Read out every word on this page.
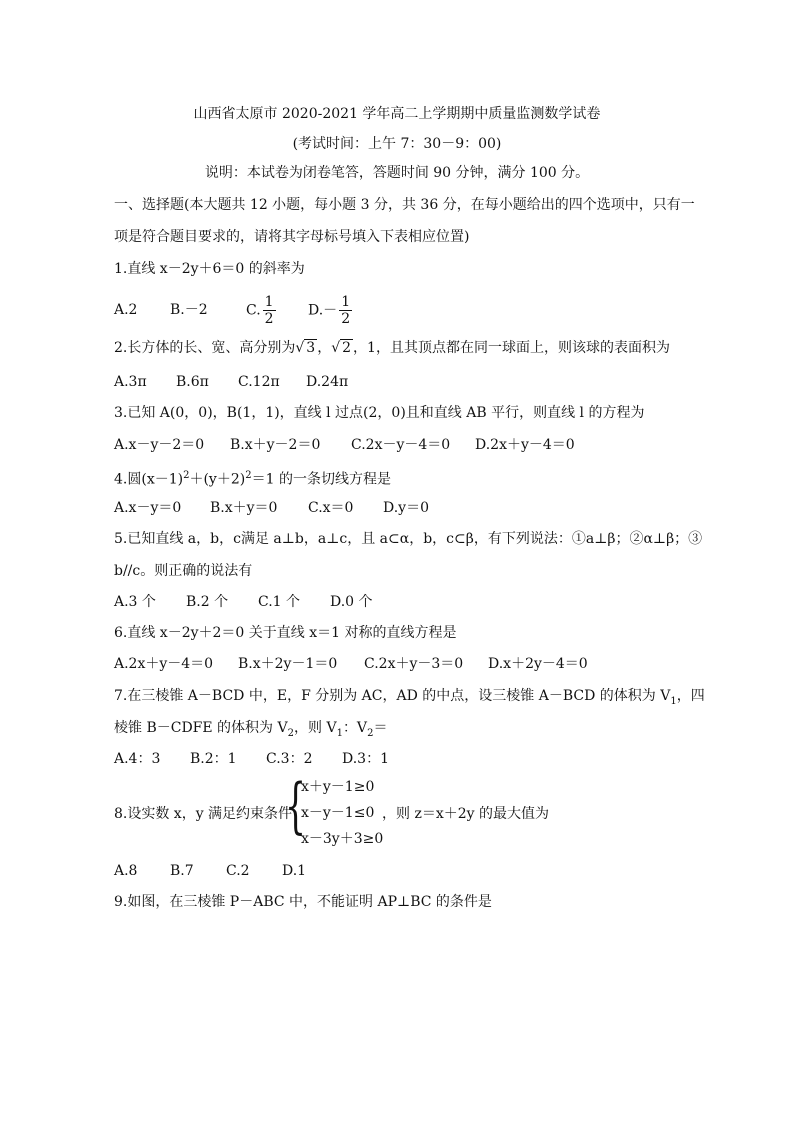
山西省太原市 2020-2021 学年高二上学期期中质量监测数学试卷
(考试时间：上午 7：30－9：00)
说明：本试卷为闭卷笔答，答题时间 90 分钟，满分 100 分。
一、选择题(本大题共 12 小题，每小题 3 分，共 36 分，在每小题给出的四个选项中，只有一
项是符合题目要求的，请将其字母标号填入下表相应位置)
1.直线 x－2y＋6＝0 的斜率为
A.2	B.－2	C. $\frac{1}{2} D.- \frac{1}{2}$
2.长方体的长、宽、高分别为√ 3 ，√ 2 ，1，且其顶点都在同一球面上，则该球的表面积为
A.3π B.6π C.12π D.24π
3.已知 A(0，0)，B(1，1)，直线 l 过点(2，0)且和直线 AB 平行，则直线 l 的方程为
A.x－y－2＝0 B.x＋y－2＝0 C.2x－y－4＝0 D.2x＋y－4＝0
4.圆$(x-1)^2+(y+2)^2=1$ 的一条切线方程是
A.x－y＝0 B.x＋y＝0 C.x＝0 D.y＝0
5.已知直线 a，b，c满足 a⊥b，a⊥c，且 a⊂α，b，c⊂β，有下列说法：①a⊥β；②α⊥β；③
b//c。则正确的说法有
A.3 个 B.2 个 C.1 个 D.0 个
6.直线 x－2y＋2＝0 关于直线 x＝1 对称的直线方程是
A.2x＋y－4＝0 B.x＋2y－1＝0 C.2x＋y－3＝0 D.x＋2y－4＝0
7.在三棱锥 A－BCD 中，E，F 分别为 AC，AD 的中点，设三棱锥 A－BCD 的体积为 $V_1$，四
棱锥 B－CDFE 的体积为 $V_2$，则 $V_1$：$V_2=$
A.4：3 B.2：1 C.3：2 D.3：1
8.设实数 x，y 满足约束条件
{
x＋y－1≥0
x－y－1≤0
x－3y＋3≥0
，则 z＝x＋2y 的最大值为
A.8 B.7 C.2 D.1
9.如图，在三棱锥 P－ABC 中，不能证明 AP⊥BC 的条件是
